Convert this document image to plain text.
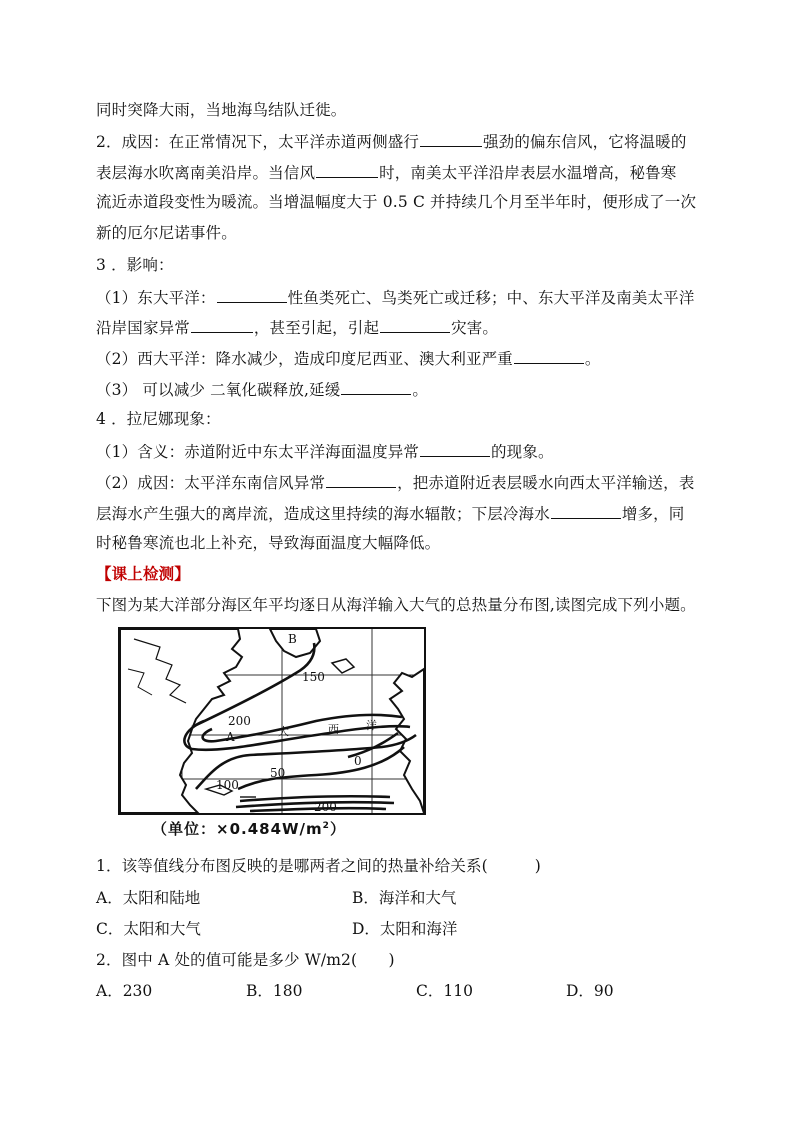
同时突降大雨，当地海鸟结队迁徙。
2．成因：在正常情况下，太平洋赤道两侧盛行	强劲的偏东信风，它将温暖的
表层海水吹离南美沿岸。当信风	时，南美太平洋沿岸表层水温增高，秘鲁寒
流近赤道段变性为暖流。当增温幅度大于 0.5 C 并持续几个月至半年时，便形成了一次
新的厄尔尼诺事件。
3 ．影响：
（1）东大平洋：	性鱼类死亡、鸟类死亡或迁移；中、东大平洋及南美太平洋
沿岸国家异常	，甚至引起，引起	灾害。
（2）西大平洋：降水减少，造成印度尼西亚、澳大利亚严重	。
（3） 可以减少 二氧化碳释放,延缓	。
4 ．拉尼娜现象：
（1）含义：赤道附近中东太平洋海面温度异常	的现象。
（2）成因：太平洋东南信风异常	，把赤道附近表层暖水向西太平洋输送，表
层海水产生强大的离岸流，造成这里持续的海水辐散；下层冷海水	增多，同
时秘鲁寒流也北上补充，导致海面温度大幅降低。
【课上检测】
下图为某大洋部分海区年平均逐日从海洋输入大气的总热量分布图,读图完成下列小题。
B
150
200
A
100
50
0
200
大	西 洋
（单位：$\times 0.484W/m^2$）
1．该等值线分布图反映的是哪两者之间的热量补给关系(　　　)
A．太阳和陆地	B．海洋和大气
C．太阳和大气	D．太阳和海洋
2．图中 A 处的值可能是多少 W/m2(　　)
A．230	B．180	C．110	D．90
